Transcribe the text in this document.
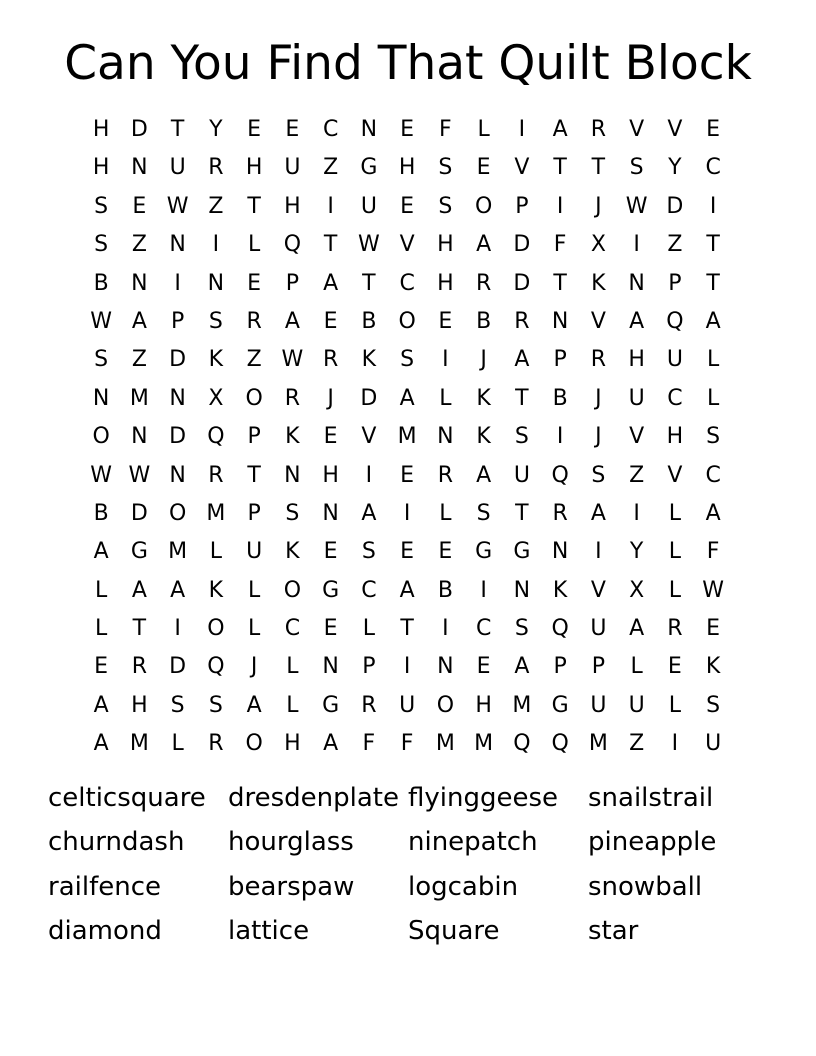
Can You Find That Quilt Block
H D	T	Y	E	E	C	N	E	F	L	I	A	R	V	V	E
H N U	R	H U	Z	G H	S	E	V	T	T	S	Y	C
S	E W Z	T	H	I	U	E	S	O	P	I	J	W D	I
S	Z	N	I	L	Q	T W V	H	A	D	F	X	I	Z	T
B	N	I	N	E	P	A	T	C	H	R	D	T	K	N	P	T
W A	P	S	R	A	E	B	O	E	B	R	N	V	A	Q	A
S	Z	D	K	Z W R	K	S	I	J	A	P	R	H U	L
N M N	X	O R	J	D	A	L	K	T	B	J	U	C	L
O N D Q	P	K	E	V M N	K	S	I	J	V	H	S
W W N	R	T	N H	I	E	R	A	U Q	S	Z	V	C
B	D O M	P	S	N	A	I	L	S	T	R	A	I	L	A
A	G M	L	U	K	E	S	E	E	G G N	I	Y	L	F
L	A	A	K	L	O G	C	A	B	I	N	K	V	X	L W
L	T	I	O	L	C	E	L	T	I	C	S	Q U	A	R	E
E	R	D Q	J	L	N	P	I	N	E	A	P	P	L	E	K
A	H	S	S	A	L	G	R	U O H M G U	U	L	S
A M	L	R O H	A	F	F	M M Q Q M Z	I	U
celticsquare dresdenplate flyinggeese	snailstrail
churndash	hourglass	ninepatch	pineapple
railfence	bearspaw	logcabin	snowball
diamond	lattice	Square	star
